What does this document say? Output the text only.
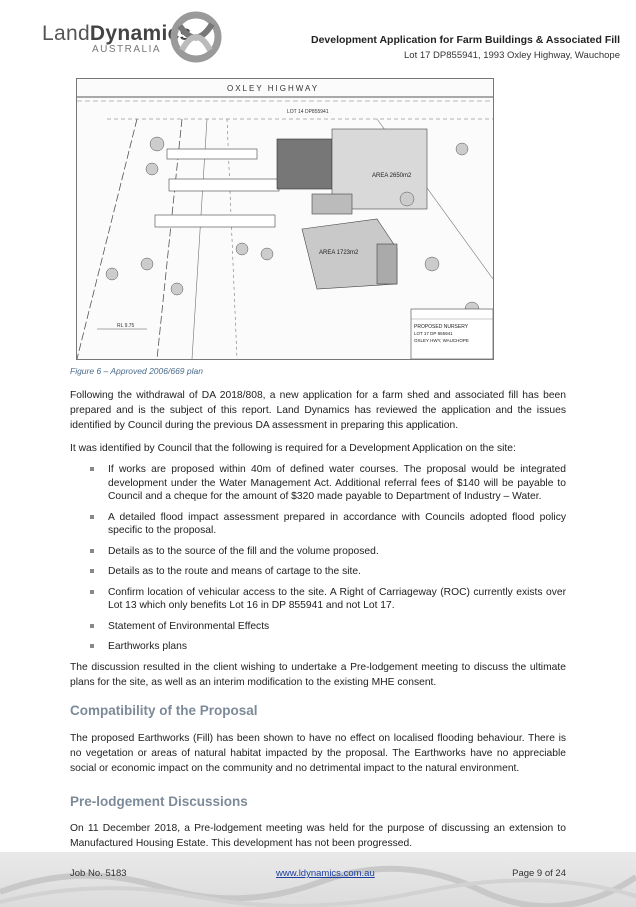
LandDynamics
AUSTRALIA
Development Application for Farm Buildings & Associated Fill
Lot 17 DP855941, 1993 Oxley Highway, Wauchope
OXLEY HIGHWAY
LOT 14 DP855941
AREA 2650m2
AREA 1723m2
RL 9.75	PROPOSED NURSERY
LOT 17 DP 855941
OXLEY HWY, WAUCHOPE
Figure 6 – Approved 2006/669 plan
Following the withdrawal of DA 2018/808, a new application for a farm shed and associated fill has been prepared and is the subject of this report. Land Dynamics has reviewed the application and the issues identified by Council during the previous DA assessment in preparing this application.
It was identified by Council that the following is required for a Development Application on the site:
If works are proposed within 40m of defined water courses. The proposal would be integrated development under the Water Management Act. Additional referral fees of $140 will be payable to Council and a cheque for the amount of $320 made payable to Department of Industry – Water.
A detailed flood impact assessment prepared in accordance with Councils adopted flood policy specific to the proposal.
Details as to the source of the fill and the volume proposed.
Details as to the route and means of cartage to the site.
Confirm location of vehicular access to the site. A Right of Carriageway (ROC) currently exists over Lot 13 which only benefits Lot 16 in DP 855941 and not Lot 17.
Statement of Environmental Effects
Earthworks plans
The discussion resulted in the client wishing to undertake a Pre-lodgement meeting to discuss the ultimate plans for the site, as well as an interim modification to the existing MHE consent.
Compatibility of the Proposal
The proposed Earthworks (Fill) has been shown to have no effect on localised flooding behaviour. There is no vegetation or areas of natural habitat impacted by the proposal. The Earthworks have no appreciable social or economic impact on the community and no detrimental impact to the natural environment.
Pre-lodgement Discussions
On 11 December 2018, a Pre-lodgement meeting was held for the purpose of discussing an extension to Manufactured Housing Estate. This development has not been progressed.
Job No. 5183	www.ldynamics.com.au	Page 9 of 24
